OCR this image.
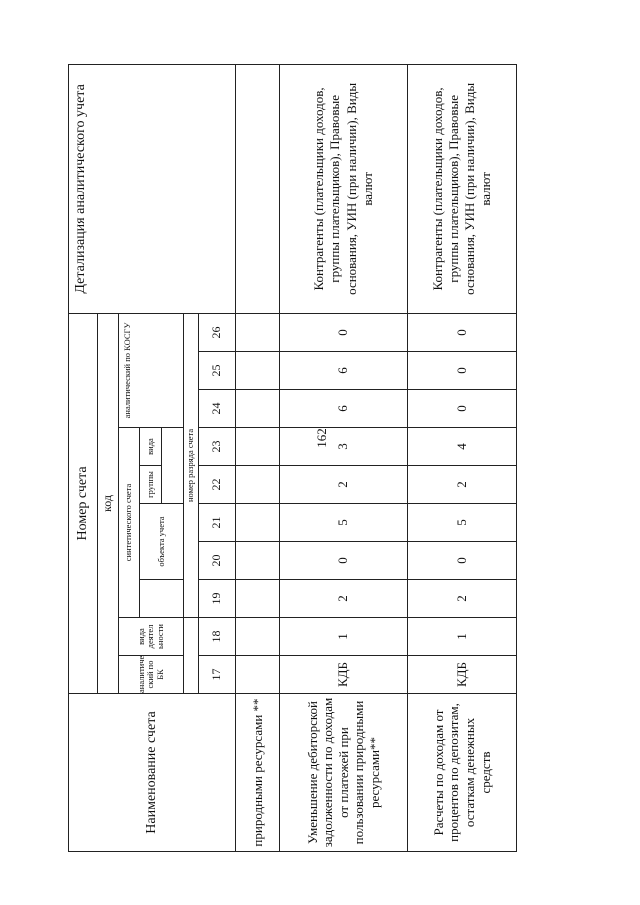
162
Наименование счета	Номер счета										Детализация аналитического учета
	код										
	аналитиче ский по БК	вида деятел ьности	синтетического счета					аналитический по КОСГУ			
				объекта учета		группы	вида				

			номер разряда счета								
	17	18	19	20	21	22	23	24	25	26	
природными ресурсами **											
Уменьшение дебиторской задолженности по доходам от платежей при пользовании природными ресурсами**	КДБ	1	2	0	5	2	3	6	6	0	Контрагенты (плательщики доходов, группы плательщиков), Правовые основания, УИН (при наличии), Виды валют
Расчеты по доходам от процентов по депозитам, остаткам денежных средств	КДБ	1	2	0	5	2	4	0	0	0	Контрагенты (плательщики доходов, группы плательщиков), Правовые основания, УИН (при наличии), Виды валют
